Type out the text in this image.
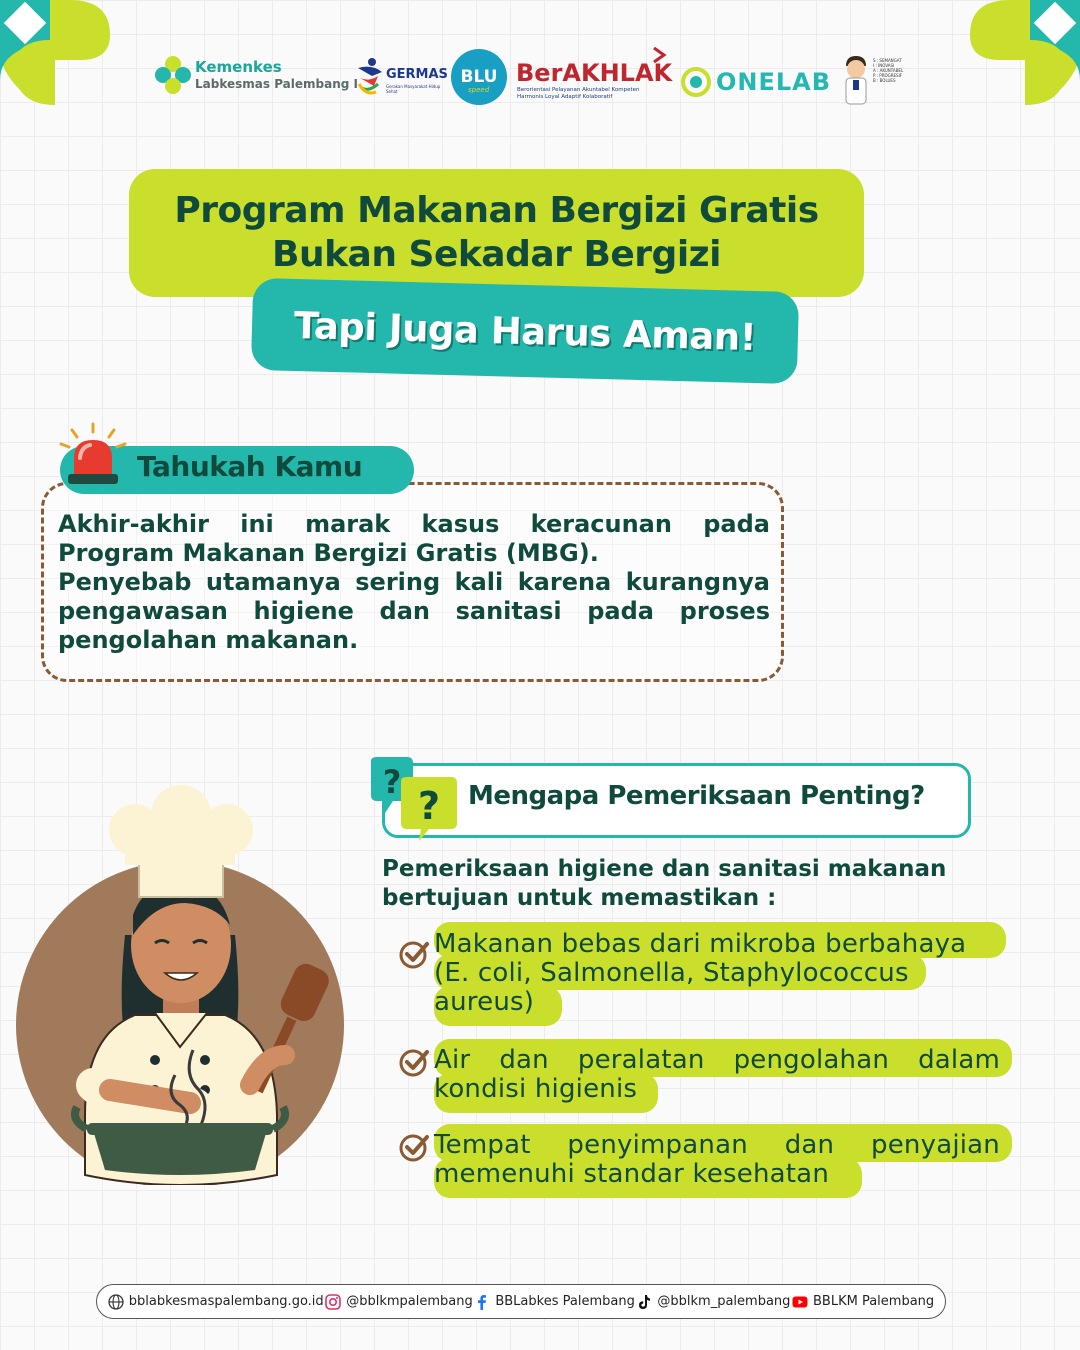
Kemenkes
Labkesmas Palembang I
GERMAS
Gerakan Masyarakat Hidup Sehat
BLU
speed
BerAKHLAK
Berorientasi Pelayanan Akuntabel Kompeten
Harmonis Loyal Adaptif Kolaboratif
ONELAB
S : SEMANGAT
I : INOVASI
A : AKUNTABEL
P : PROGRESIF
B : BOLUES
Program Makanan Bergizi Gratis
Bukan Sekadar Bergizi
Tapi Juga Harus Aman!
Tahukah Kamu

Akhir-akhir ini marak kasus keracunan pada

Program Makanan Bergizi Gratis (MBG).

Penyebab utamanya sering kali karena kurangnya

pengawasan higiene dan sanitasi pada proses

pengolahan makanan.

?
? Mengapa Pemeriksaan Penting?
Pemeriksaan higiene dan sanitasi makanan
bertujuan untuk memastikan :
Makanan bebas dari mikroba berbahaya
(E. coli, Salmonella, Staphylococcus
aureus)
Air dan peralatan pengolahan dalam
kondisi higienis
Tempat penyimpanan dan penyajian
memenuhi standar kesehatan
bblabkesmaspalembang.go.id @bblkmpalembang BBLabkes Palembang @bblkm_palembang BBLKM Palembang
